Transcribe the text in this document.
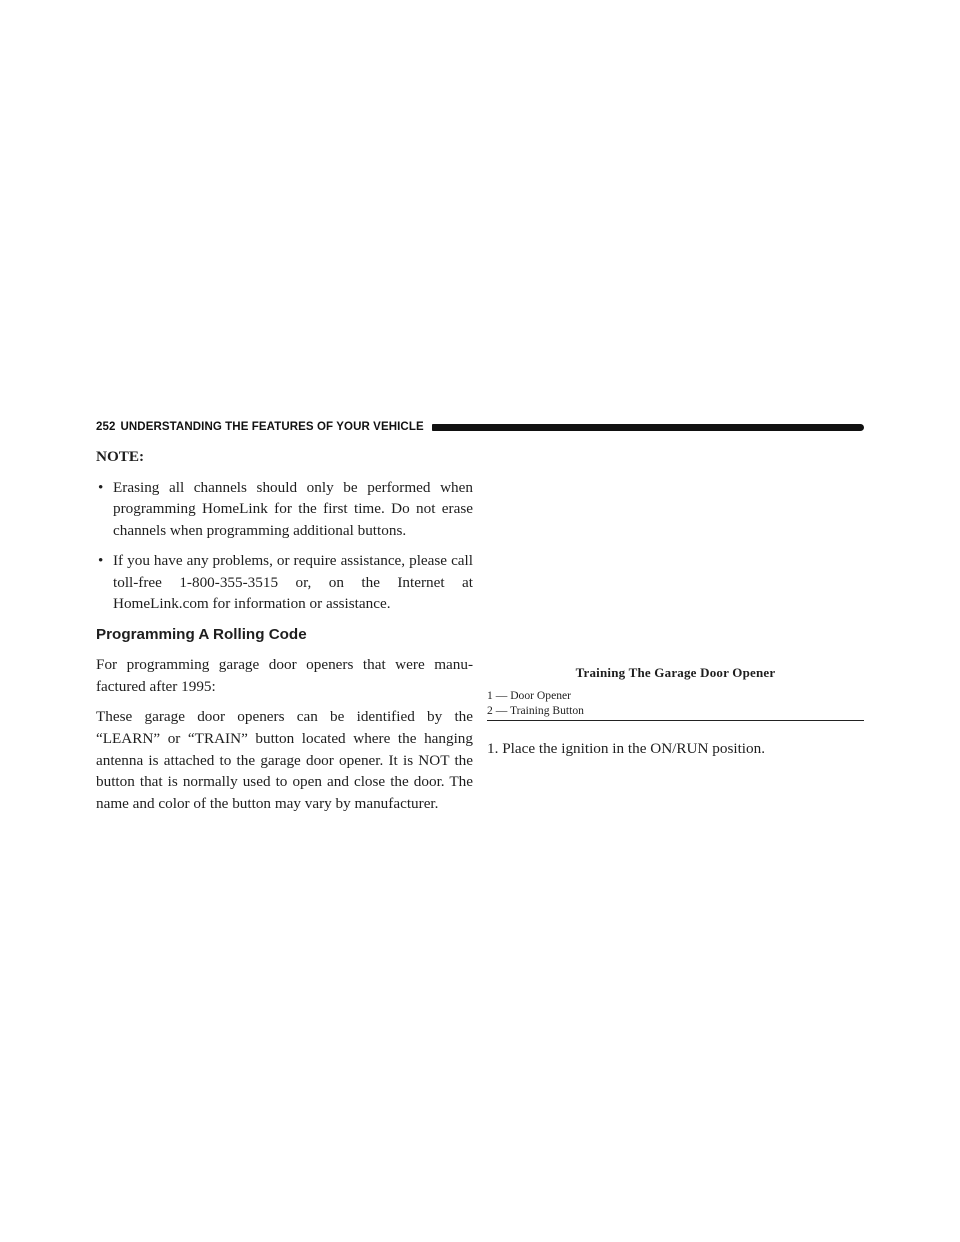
252 UNDERSTANDING THE FEATURES OF YOUR VEHICLE
NOTE:
• Erasing all channels should only be performed when programming HomeLink for the first time. Do not erase channels when programming additional buttons.
• If you have any problems, or require assistance, please call toll-free 1-800-355-3515 or, on the Internet at HomeLink.com for information or assistance.
Programming A Rolling Code

For programming garage door openers that were manu-factured after 1995:

These garage door openers can be identified by the “LEARN” or “TRAIN” button located where the hanging antenna is attached to the garage door opener. It is NOT the button that is normally used to open and close the door. The name and color of the button may vary by manufacturer.

Training The Garage Door Opener
1 — Door Opener
2 — Training Button
1. Place the ignition in the ON/RUN position.
